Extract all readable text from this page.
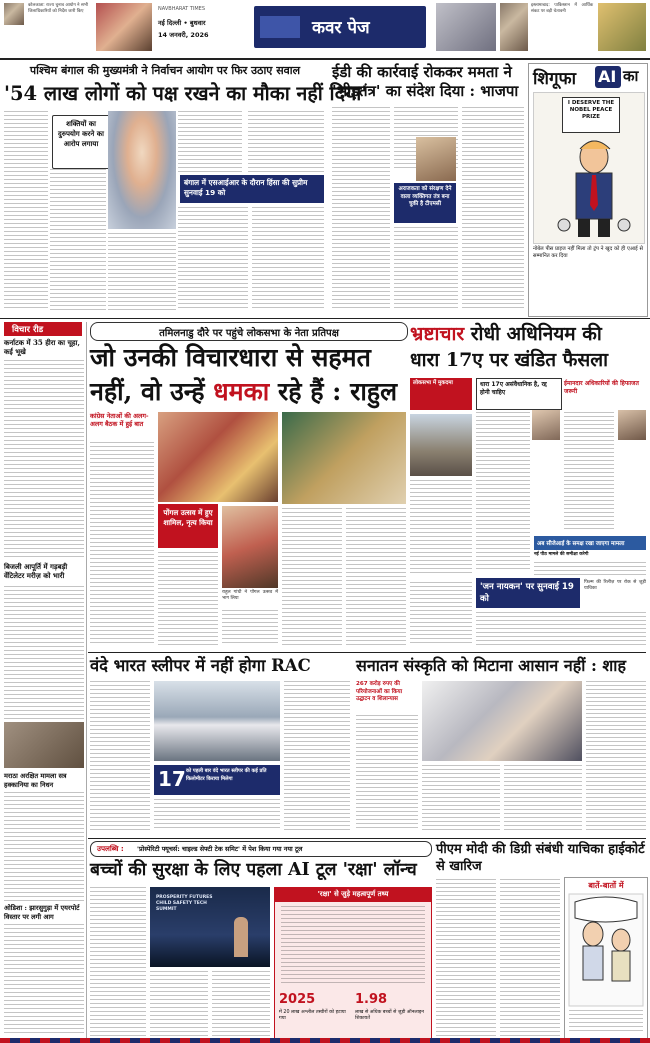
कोलकाता: राज्य चुनाव आयोग ने सभी जिलाधिकारियों को निर्देश जारी किए	NAVBHARAT TIMES
नई दिल्ली • बुधवार
14 जनवरी, 2026	कवर पेज
इस्लामाबाद: पाकिस्तान में आर्थिक संकट पर बड़ी चेतावनी
पश्चिम बंगाल की मुख्यमंत्री ने निर्वाचन आयोग पर फिर उठाए सवाल
'54 लाख लोगों को पक्ष रखने का मौका नहीं दिया'
शक्तियों का दुरुपयोग करने का आरोप लगाया
बंगाल में एसआईआर के दौरान हिंसा की सुप्रीम सुनवाई 19 को
ईडी की कार्रवाई रोककर ममता ने 'भीड़तंत्र' का संदेश दिया : भाजपा
अराजकता को संरक्षण देने वाला व्यक्तिगत तंत्र बना चुकी है टीएमसी
शिगूफा AI का
I DESERVE THE NOBEL PEACE PRIZE
नोबेल पीस प्राइज नहीं मिला तो ट्रंप ने खुद को ही एआई से सम्मानित कर दिया
विचार रीड
कर्नाटक में 35 हीरा का चूहा, कई भूखे
बिजली आपूर्ति में गड़बड़ी वेंटिलेटर मरीज़ को भारी
मराठा अरक्षित मामला सत्र हक्कानिया का निधन
ओडिशा : झारसुगुड़ा में एयरपोर्ट विस्तार पर लगी आग
तमिलनाडु दौरे पर पहुंचे लोकसभा के नेता प्रतिपक्ष
जो उनकी विचारधारा से सहमत
नहीं, वो उन्हें धमका रहे हैं : राहुल
कांग्रेस नेताओं की अलग-अलग बैठक में हुई बात
पोंगल उत्सव में हुए शामिल, नृत्य किया
राहुल गांधी ने पोंगल उत्सव में भाग लिया
भ्रष्टाचार रोधी अधिनियम की
धारा 17ए पर खंडित फैसला
लोकसभा में मुकदमा	धारा 17ए असंवैधानिक है, रद्द होनी चाहिए
ईमानदार अधिकारियों की हिफाजत जरूरी
अब सीजेआई के समक्ष रखा जाएगा मामला
नई पीठ मामले की समीक्षा करेगी
'जन नायकन' पर सुनवाई 19 को
फिल्म की रिलीज़ पर रोक से जुड़ी याचिका
वंदे भारत स्लीपर में नहीं होगा RAC
17 को पहली बार वंदे भारत स्लीपर की कई प्रति किलोमीटर किराया मिलेगा
सनातन संस्कृति को मिटाना आसान नहीं : शाह
267 करोड़ रुपए की परियोजनाओं का किया उद्घाटन व शिलान्यास
उपलब्धि : 'प्रोस्पेरिटी फ्यूचर्स: चाइल्ड सेफ्टी टेक समिट' में पेश किया गया नया टूल
बच्चों की सुरक्षा के लिए पहला AI टूल 'रक्षा' लॉन्च
PROSPERITY FUTURES CHILD SAFETY TECH SUMMIT
'रक्षा' से जुड़े महत्वपूर्ण तथ्य
2025
में 20 लाख अश्लील तस्वीरों को हटाया गया
1.98
लाख से अधिक बच्चों से जुड़ी ऑनलाइन शिकायतें
पीएम मोदी की डिग्री संबंधी याचिका हाईकोर्ट से खारिज
बातें-बातों में
